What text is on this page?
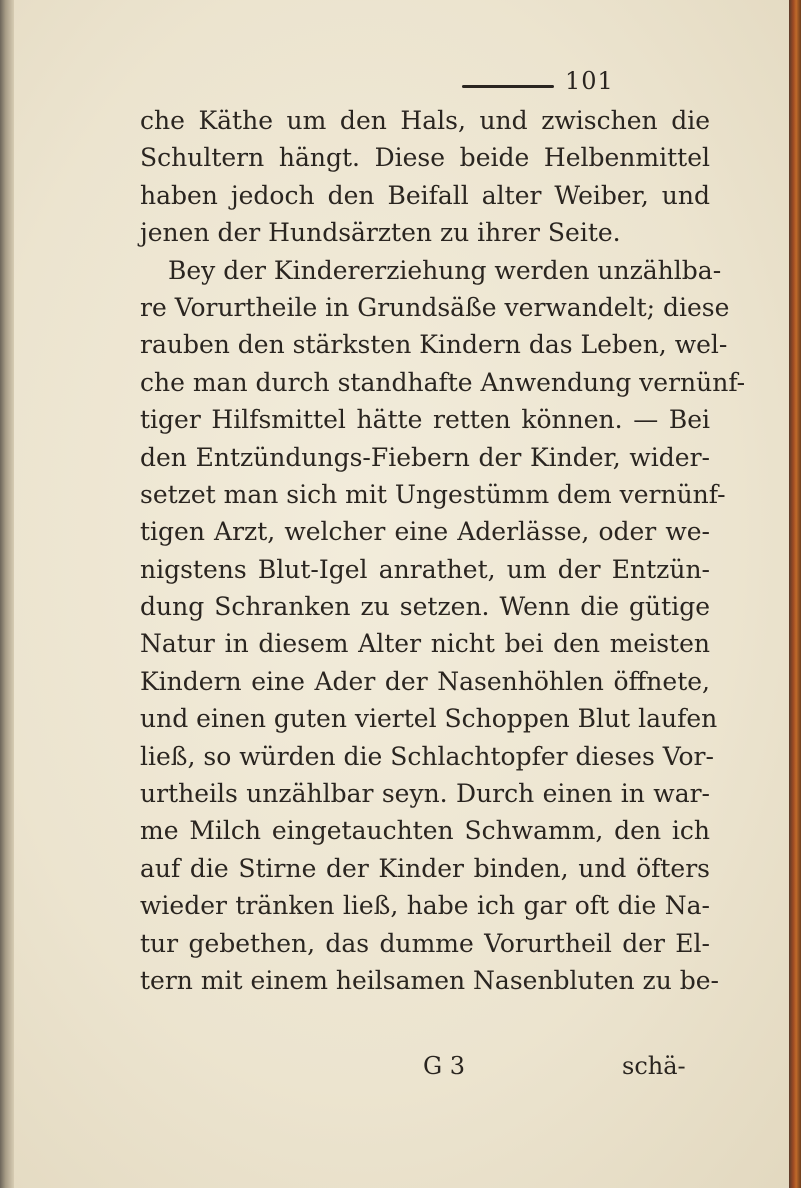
101
che Käthe um den Hals, und zwischen die
Schultern hängt. Diese beide Helbenmittel
haben jedoch den Beifall alter Weiber, und
jenen der Hundsärzten zu ihrer Seite.
Bey der Kindererziehung werden unzählba-
re Vorurtheile in Grundsäße verwandelt; diese
rauben den stärksten Kindern das Leben, wel-
che man durch standhafte Anwendung vernünf-
tiger Hilfsmittel hätte retten können. — Bei
den Entzündungs-Fiebern der Kinder, wider-
setzet man sich mit Ungestümm dem vernünf-
tigen Arzt, welcher eine Aderlässe, oder we-
nigstens Blut-Igel anrathet, um der Entzün-
dung Schranken zu setzen. Wenn die gütige
Natur in diesem Alter nicht bei den meisten
Kindern eine Ader der Nasenhöhlen öffnete,
und einen guten viertel Schoppen Blut laufen
ließ, so würden die Schlachtopfer dieses Vor-
urtheils unzählbar seyn. Durch einen in war-
me Milch eingetauchten Schwamm, den ich
auf die Stirne der Kinder binden, und öfters
wieder tränken ließ, habe ich gar oft die Na-
tur gebethen, das dumme Vorurtheil der El-
tern mit einem heilsamen Nasenbluten zu be-
G 3	schä-
